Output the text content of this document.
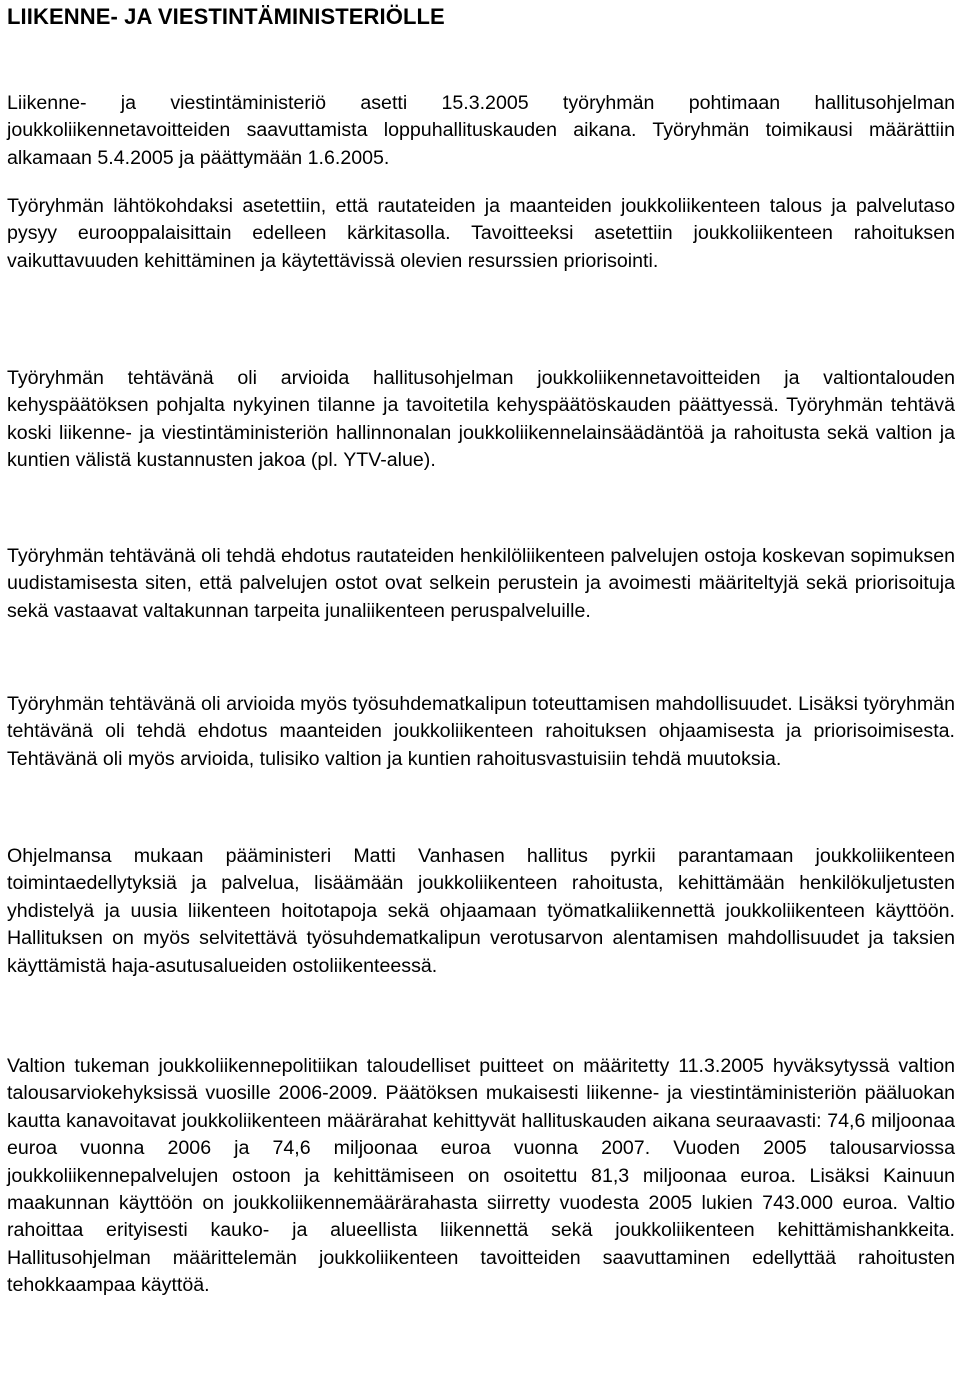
LIIKENNE- JA VIESTINTÄMINISTERIÖLLE

Liikenne- ja viestintäministeriö asetti 15.3.2005 työryhmän pohtimaan hallitusohjelman joukkoliikennetavoitteiden saavuttamista loppuhallituskauden aikana. Työryhmän toimikausi määrättiin alkamaan 5.4.2005 ja päättymään 1.6.2005.

Työryhmän lähtökohdaksi asetettiin, että rautateiden ja maanteiden joukkoliikenteen talous ja palvelutaso pysyy eurooppalaisittain edelleen kärkitasolla. Tavoitteeksi asetettiin joukkoliikenteen rahoituksen vaikuttavuuden kehittäminen ja käytettävissä olevien resurssien priorisointi.

Työryhmän tehtävänä oli arvioida hallitusohjelman joukkoliikennetavoitteiden ja valtiontalouden kehyspäätöksen pohjalta nykyinen tilanne ja tavoitetila kehyspäätöskauden päättyessä. Työryhmän tehtävä koski liikenne- ja viestintäministeriön hallinnonalan joukkoliikennelainsäädäntöä ja rahoitusta sekä valtion ja kuntien välistä kustannusten jakoa (pl. YTV-alue).

Työryhmän tehtävänä oli tehdä ehdotus rautateiden henkilöliikenteen palvelujen ostoja koskevan sopimuksen uudistamisesta siten, että palvelujen ostot ovat selkein perustein ja avoimesti määriteltyjä sekä priorisoituja sekä vastaavat valtakunnan tarpeita junaliikenteen peruspalveluille.

Työryhmän tehtävänä oli arvioida myös työsuhdematkalipun toteuttamisen mahdollisuudet. Lisäksi työryhmän tehtävänä oli tehdä ehdotus maanteiden joukkoliikenteen rahoituksen ohjaamisesta ja priorisoimisesta. Tehtävänä oli myös arvioida, tulisiko valtion ja kuntien rahoitusvastuisiin tehdä muutoksia.

Ohjelmansa mukaan pääministeri Matti Vanhasen hallitus pyrkii parantamaan joukkoliikenteen toimintaedellytyksiä ja palvelua, lisäämään joukkoliikenteen rahoitusta, kehittämään henkilökuljetusten yhdistelyä ja uusia liikenteen hoitotapoja sekä ohjaamaan työmatkaliikennettä joukkoliikenteen käyttöön. Hallituksen on myös selvitettävä työsuhdematkalipun verotusarvon alentamisen mahdollisuudet ja taksien käyttämistä haja-asutusalueiden ostoliikenteessä.

Valtion tukeman joukkoliikennepolitiikan taloudelliset puitteet on määritetty 11.3.2005 hyväksytyssä valtion talousarviokehyksissä vuosille 2006-2009. Päätöksen mukaisesti liikenne- ja viestintäministeriön pääluokan kautta kanavoitavat joukkoliikenteen määrärahat kehittyvät hallituskauden aikana seuraavasti: 74,6 miljoonaa euroa vuonna 2006 ja 74,6 miljoonaa euroa vuonna 2007. Vuoden 2005 talousarviossa joukkoliikennepalvelujen ostoon ja kehittämiseen on osoitettu 81,3 miljoonaa euroa. Lisäksi Kainuun maakunnan käyttöön on joukkoliikennemäärärahasta siirretty vuodesta 2005 lukien 743.000 euroa. Valtio rahoittaa erityisesti kauko- ja alueellista liikennettä sekä joukkoliikenteen kehittämishankkeita. Hallitusohjelman määrittelemän joukkoliikenteen tavoitteiden saavuttaminen edellyttää rahoitusten tehokkaampaa käyttöä.
